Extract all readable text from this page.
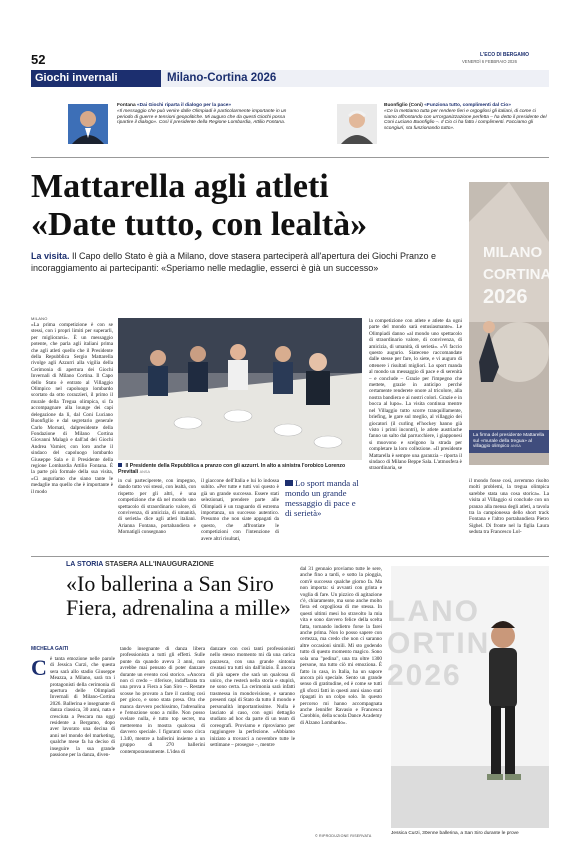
52	L'ECO DI BERGAMO
VENERDÌ 6 FEBBRAIO 2026
Giochi invernali	Milano-Cortina 2026
Fontana «Dai Giochi riparta il dialogo per la pace»
«Il messaggio che può venire dalle Olimpiadi è particolarmente importante in un periodo di guerre e tensioni geopolitiche. Mi auguro che da questi Giochi possa ripartire il dialogo». Così il presidente della Regione Lombardia, Attilio Fontana.
Buonfiglio (Coni) «Funziona tutto, complimenti dal Cio»
«Ce la mettiamo tutta per rendere fieri e orgogliosi gli italiani, di come ci siamo affrontando con un'organizzazione perfetta – ha detto il presidente del Coni Luciano Buonfiglio –. Il Cio ci ha fatto i complimenti. Facciamo gli scongiuri, sta funzionando tutto».
Mattarella agli atleti
«Date tutto, con lealtà»
La visita. Il Capo dello Stato è già a Milano, dove stasera parteciperà all'apertura dei Giochi Pranzo e incoraggiamento ai partecipanti: «Speriamo nelle medaglie, esserci è già un successo»
MILANO
CORTINA
2026
La firma del presidente Mattarella sul «murale della tregua» al villaggio olimpico ANSA
MILANO
«La prima competizione è con se stessi, con i propri limiti per superarli, per migliorarsi». È un messaggio potente, che parla agli italiani prima che agli atleti quello che il Presidente della Repubblica Sergio Mattarella rivolge agli Azzurri alla vigilia della Cerimonia di apertura dei Giochi Invernali di Milano Cortina. Il Capo dello Stato è entrato al Villaggio Olimpico nel capoluogo lombardo scortato da otto corazzieri, il primo il murale della Tregua olimpica, si fa accompagnare alla lounge dei capi delegazione da lì, dal Coni Luciano Buonfiglio e dal segretario generale Carlo Mornati, dalpresidente della Fondazione di Milano Cortina Giovanni Malagò e dall'ad dei Giochi Andrea Varnier, con loro anche il sindaco del capoluogo lombardo Giuseppe Sala e il Presidente della regione Lombardia Attilio Fontana. È la parte più formale della sua visita, «Ci auguriamo che siano tante le medaglie ma quello che è importante è il modo
Il Presidente della Repubblica a pranzo con gli azzurri. In alto a sinistra l'orobico Lorenzo Previtali ANSA
in cui parteciperete, con impegno, dando tutto voi stessi, con lealtà, con rispetto per gli altri, è una competizione che dà nel mondo uno spettacolo di straordinario valore, di convivenza, di amicizia, di umanità, di serietà» dice agli atleti italiani. Arianna Fontana, portabandiera e Mornatigli consegnano
il giaccone dell'Italia e lui lo indossa subito. «Per tutte e tutti voi questo è già un grande successo. Essere stati selezionati, prendere parte alle Olimpiadi è un traguardo di estrema importanza, un successo autentico. Presumo che non siate appagati da questo, che affrontiate le competizioni con l'intenzione di avere altri risultati,
Lo sport manda al mondo un grande messaggio di pace e di serietà»
la competizione con atlete e atlete da ogni parte del mondo sarà entusiasmante». Le Olimpiadi danno «al mondo uno spettacolo di straordinario valore, di convivenza, di amicizia, di umanità, di serietà». «Vi faccio questo augurio. Siatecene raccomandate dalle stesse per fare, lo siete, e vi auguro di ottenere i risultati migliori. Lo sport manda al mondo un messaggio di pace e di serenità – e conclude – Grazie per l'impegno che mettete, grazie in anticipo perché certamente renderete onore al tricolore, alla nostra bandiera e ai nostri colori. Grazie e in bocca al lupo». La visita continua mentre nel Villaggio tutto scorre tranquillamente, briefing, le gare sul meglio, al villaggio dei giocatori (il curling el'hockey hanno già visto i primi incontri), le atlete austriache fanno un salto dal parrucchiere, i giapponesi si muovono e scelgono la strada per completare la loro collezione. «Il presidente Mattarella è sempre una garanzia – riporta il sindaco di Milano Beppe Sala. L'atmosfera è straordinaria, se
il mondo fosse così, avremmo risolto molti problemi, la tregua olimpica sarebbe stata una cosa storica». La visita al Villaggio si conclude con un pranzo alla mensa degli atleti, a tavola tra la campionessa dello short track Fontana e l'altro portabandiera Pietro Sighel. Di fronte nel la figlia Laura seduta tra Francesco Lol-
LA STORIA STASERA ALL'INAUGURAZIONE
«Io ballerina a San Siro
Fiera, adrenalina a mille»
MICHELA GAITI
C è tanta emozione nelle parole di Jessica Curzi, che questa sera sarà allo stadio Giuseppe Meazza, a Milano, sarà tra i protagonisti della cerimonia di apertura delle Olimpiadi Invernali di Milano-Cortina 2026. Ballerina e insegnante di danza classica, 30 anni, nata e cresciuta a Pescara ma oggi residente a Bergamo, dopo aver lavorato una decina di anni nel mondo del marketing, qualche mese fa ha deciso di inseguire la sua grande passione per la danza, diven-
tando insegnante di danza libera professionista a tutti gli effetti. Sulle punte da quando aveva 3 anni, non avrebbe mai pensato di poter danzare durante un evento così storico. «Ancora non ci credo – riferisce, indaffarata tra una prova a Fiera a San Siro –. Restate scosse ho provato a fare il casting così per gioco, e sono stata presa. Ora che manca davvero pochissimo, l'adrenalina e l'emozione sono a mille. Non posso svelare nulla, è tutto top secret, ma metteremo in mostra qualcosa di davvero speciale. I figuranti sono circa 1.340, mentre a ballerini insieme a un gruppo di 270 ballerini contemporaneamente. L'idea di
danzare con così tanti professionisti nello stesso momento mi dà una carica pazzesca, con una grande sintonia creatasi tra tutti sin dall'inizio. È ancora di più sapere che sarà un qualcosa di unico, che resterà nella storia e stupirà, ne sono certa. La cerimonia sarà infatti trasmessa in mondovisione, e saranno presenti capi di Stato da tutto il mondo e personalità importantissime. Nulla è lasciato al caso, con ogni dettaglio studiato ad hoc da parte di un team di coreografi. Proviamo e riproviamo per raggiungere la perfezione. «Abbiamo iniziato a trovarci a novembre tutte le settimane – prosegue –, mentre
dal 31 gennaio proviamo tutte le sere, anche fino a tardi, e sotto la pioggia, com'è successo qualche giorno fa. Ma non importa: si avvanti con grinta e voglia di fare. Un pizzico di agitazione c'è, chiaramente, ma sono anche molto fiera ed orgogliosa di me stessa. In questi ultimi mesi ho stravolto la mia vita e sono davvero felice della scelta fatta, tornando indietro forse la farei anche prima. Non lo posso sapere con certezza, ma credo che non ci saranno altre occasioni simili. Mi sto godendo tutto di questo momento magico. Sono sola una "pedina", una tra oltre 1300 persone, ma tutto ciò mi emoziona. È fatto in casa, in Italia, ha un sapore ancora più speciale. Sento un grande senso di gratitudine, ed è come se tutti gli sforzi fatti in questi anni siano stati ripagati in un colpo solo. In questo percorso mi hanno accompagnata anche Jennifer Ravasio e Francesca Carobbio, della scuola Dance Academy di Alzano Lombardo».
© RIPRODUZIONE RISERVATA
LANO
ORTIN
2026
Jessica Curzi, 30enne ballerina, a San Siro durante le prove
